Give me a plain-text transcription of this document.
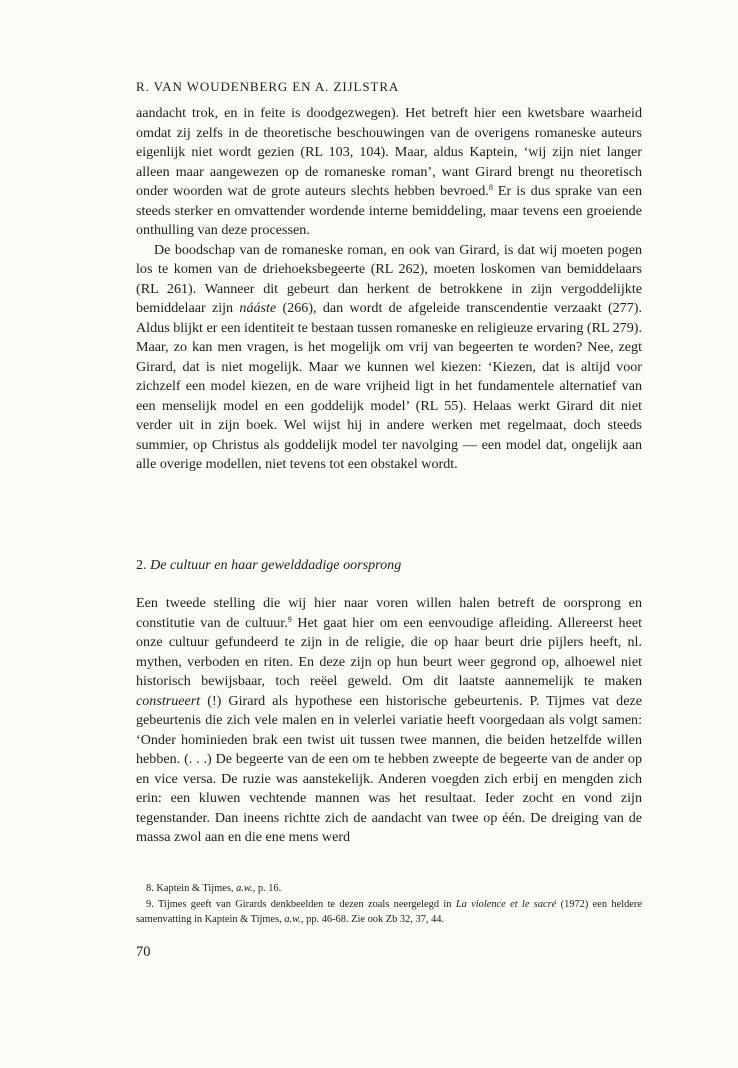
R. VAN WOUDENBERG EN A. ZIJLSTRA

aandacht trok, en in feite is doodgezwegen). Het betreft hier een kwetsbare waarheid omdat zij zelfs in de theoretische beschouwingen van de overigens romaneske auteurs eigenlijk niet wordt gezien (RL 103, 104). Maar, aldus Kaptein, ‘wij zijn niet langer alleen maar aangewezen op de romaneske roman’, want Girard brengt nu theoretisch onder woorden wat de grote auteurs slechts hebben bevroed.$^8$ Er is dus sprake van een steeds sterker en omvattender wordende interne bemiddeling, maar tevens een groeiende onthulling van deze processen.

De boodschap van de romaneske roman, en ook van Girard, is dat wij moeten pogen los te komen van de driehoeksbegeerte (RL 262), moeten loskomen van bemiddelaars (RL 261). Wanneer dit gebeurt dan herkent de betrokkene in zijn vergoddelijkte bemiddelaar zijn nááste (266), dan wordt de afgeleide transcendentie verzaakt (277). Aldus blijkt er een identiteit te bestaan tussen romaneske en religieuze ervaring (RL 279). Maar, zo kan men vragen, is het mogelijk om vrij van begeerten te worden? Nee, zegt Girard, dat is niet mogelijk. Maar we kunnen wel kiezen: ‘Kiezen, dat is altijd voor zichzelf een model kiezen, en de ware vrijheid ligt in het fundamentele alternatief van een menselijk model en een goddelijk model’ (RL 55). Helaas werkt Girard dit niet verder uit in zijn boek. Wel wijst hij in andere werken met regelmaat, doch steeds summier, op Christus als goddelijk model ter navolging — een model dat, ongelijk aan alle overige modellen, niet tevens tot een obstakel wordt.

2. De cultuur en haar gewelddadige oorsprong

Een tweede stelling die wij hier naar voren willen halen betreft de oorsprong en constitutie van de cultuur.$^9$ Het gaat hier om een eenvoudige afleiding. Allereerst heet onze cultuur gefundeerd te zijn in de religie, die op haar beurt drie pijlers heeft, nl. mythen, verboden en riten. En deze zijn op hun beurt weer gegrond op, alhoewel niet historisch bewijsbaar, toch reëel geweld. Om dit laatste aannemelijk te maken construeert (!) Girard als hypothese een historische gebeurtenis. P. Tijmes vat deze gebeurtenis die zich vele malen en in velerlei variatie heeft voorgedaan als volgt samen: ‘Onder hominieden brak een twist uit tussen twee mannen, die beiden hetzelfde willen hebben. (. . .) De begeerte van de een om te hebben zweepte de begeerte van de ander op en vice versa. De ruzie was aanstekelijk. Anderen voegden zich erbij en mengden zich erin: een kluwen vechtende mannen was het resultaat. Ieder zocht en vond zijn tegenstander. Dan ineens richtte zich de aandacht van twee op één. De dreiging van de massa zwol aan en die ene mens werd

8. Kaptein & Tijmes, a.w., p. 16.

9. Tijmes geeft van Girards denkbeelden te dezen zoals neergelegd in La violence et le sacré (1972) een heldere samenvatting in Kaptein & Tijmes, a.w., pp. 46-68. Zie ook Zb 32, 37, 44.

70
